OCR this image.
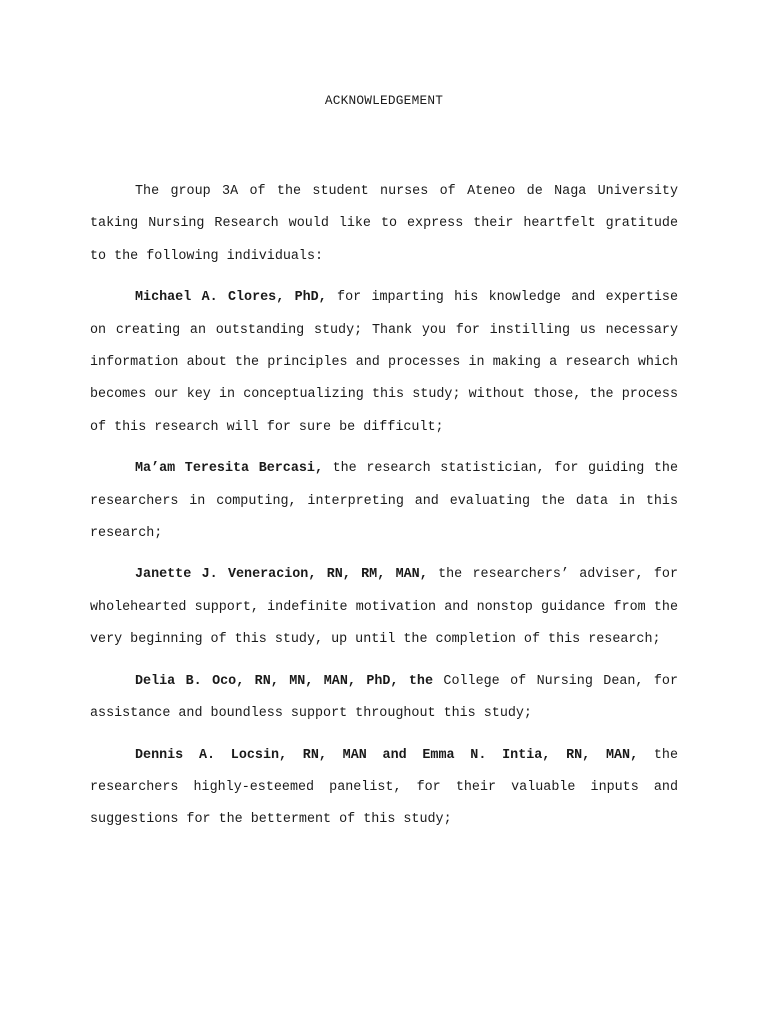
ACKNOWLEDGEMENT

The group 3A of the student nurses of Ateneo de Naga University taking Nursing Research would like to express their heartfelt gratitude to the following individuals:

Michael A. Clores, PhD, for imparting his knowledge and expertise on creating an outstanding study; Thank you for instilling us necessary information about the principles and processes in making a research which becomes our key in conceptualizing this study; without those, the process of this research will for sure be difficult;

Ma’am Teresita Bercasi, the research statistician, for guiding the researchers in computing, interpreting and evaluating the data in this research;

Janette J. Veneracion, RN, RM, MAN, the researchers’ adviser, for wholehearted support, indefinite motivation and nonstop guidance from the very beginning of this study, up until the completion of this research;

Delia B. Oco, RN, MN, MAN, PhD, the College of Nursing Dean, for assistance and boundless support throughout this study;

Dennis A. Locsin, RN, MAN and Emma N. Intia, RN, MAN, the researchers highly-esteemed panelist, for their valuable inputs and suggestions for the betterment of this study;
